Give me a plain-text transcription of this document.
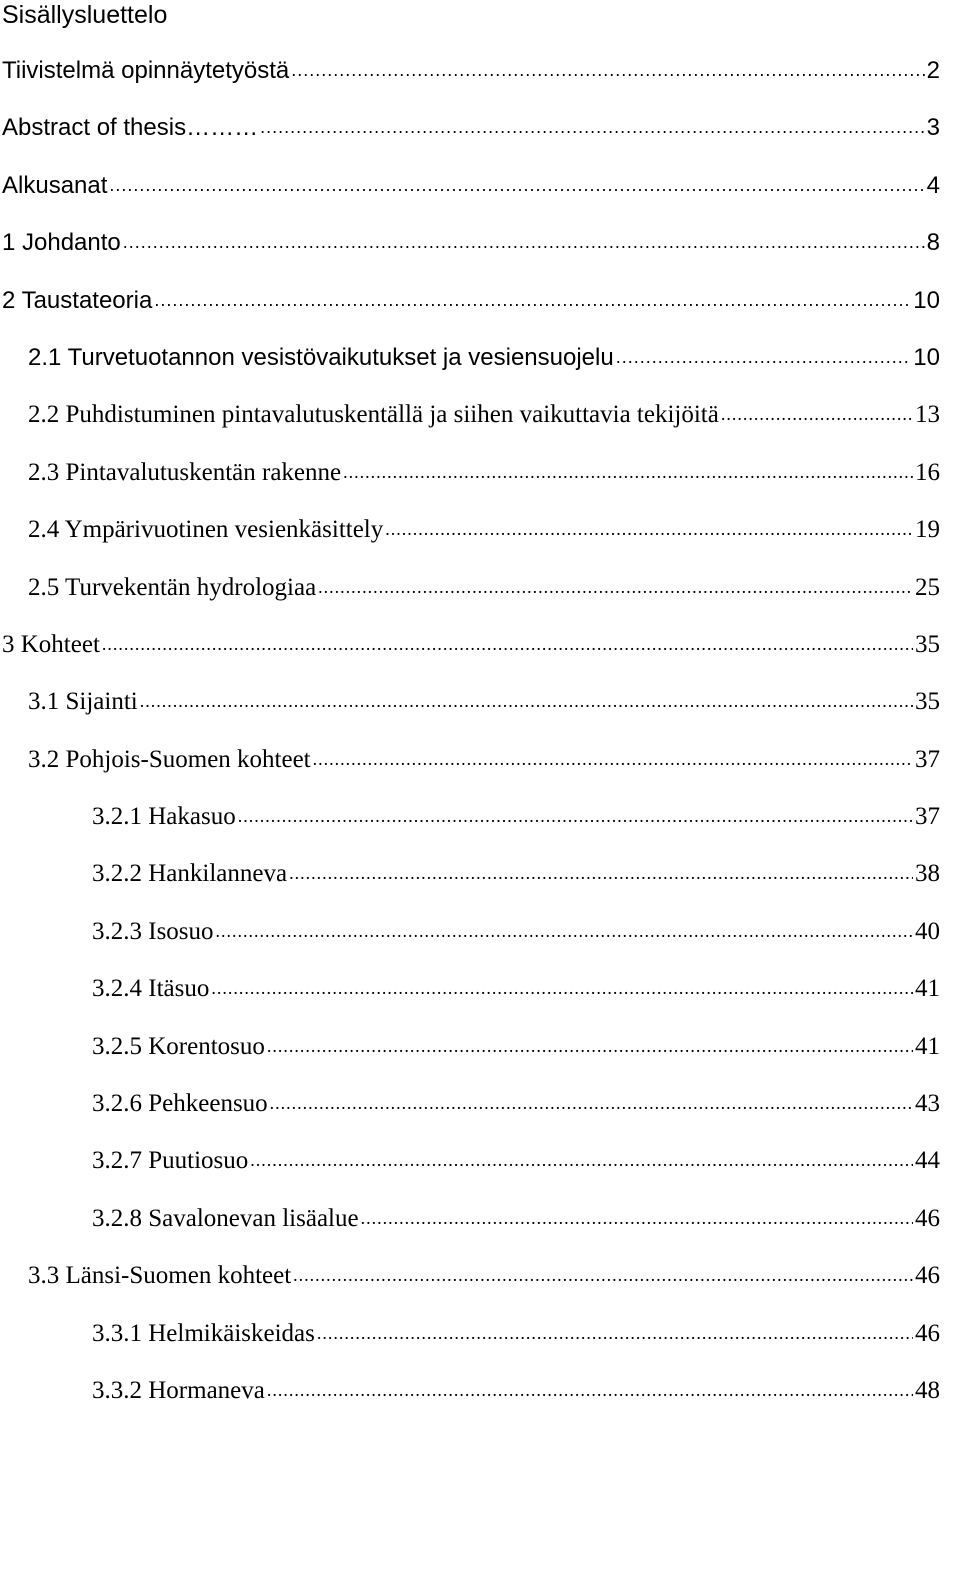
Sisällysluettelo
Tiivistelmä opinnäytetyöstä .....	2
Abstract of thesis……… .....	3
Alkusanat .....	4
1 Johdanto .....	8
2 Taustateoria .....	10
2.1 Turvetuotannon vesistövaikutukset ja vesiensuojelu .....	10
2.2 Puhdistuminen pintavalutuskentällä ja siihen vaikuttavia tekijöitä .....	13
2.3 Pintavalutuskentän rakenne .....	16
2.4 Ympärivuotinen vesienkäsittely .....	19
2.5 Turvekentän hydrologiaa .....	25
3 Kohteet .....	35
3.1 Sijainti .....	35
3.2 Pohjois-Suomen kohteet .....	37
3.2.1 Hakasuo .....	37
3.2.2 Hankilanneva .....	38
3.2.3 Isosuo .....	40
3.2.4 Itäsuo .....	41
3.2.5 Korentosuo .....	41
3.2.6 Pehkeensuo .....	43
3.2.7 Puutiosuo .....	44
3.2.8 Savalonevan lisäalue .....	46
3.3 Länsi-Suomen kohteet .....	46
3.3.1 Helmikäiskeidas .....	46
3.3.2 Hormaneva .....	48
